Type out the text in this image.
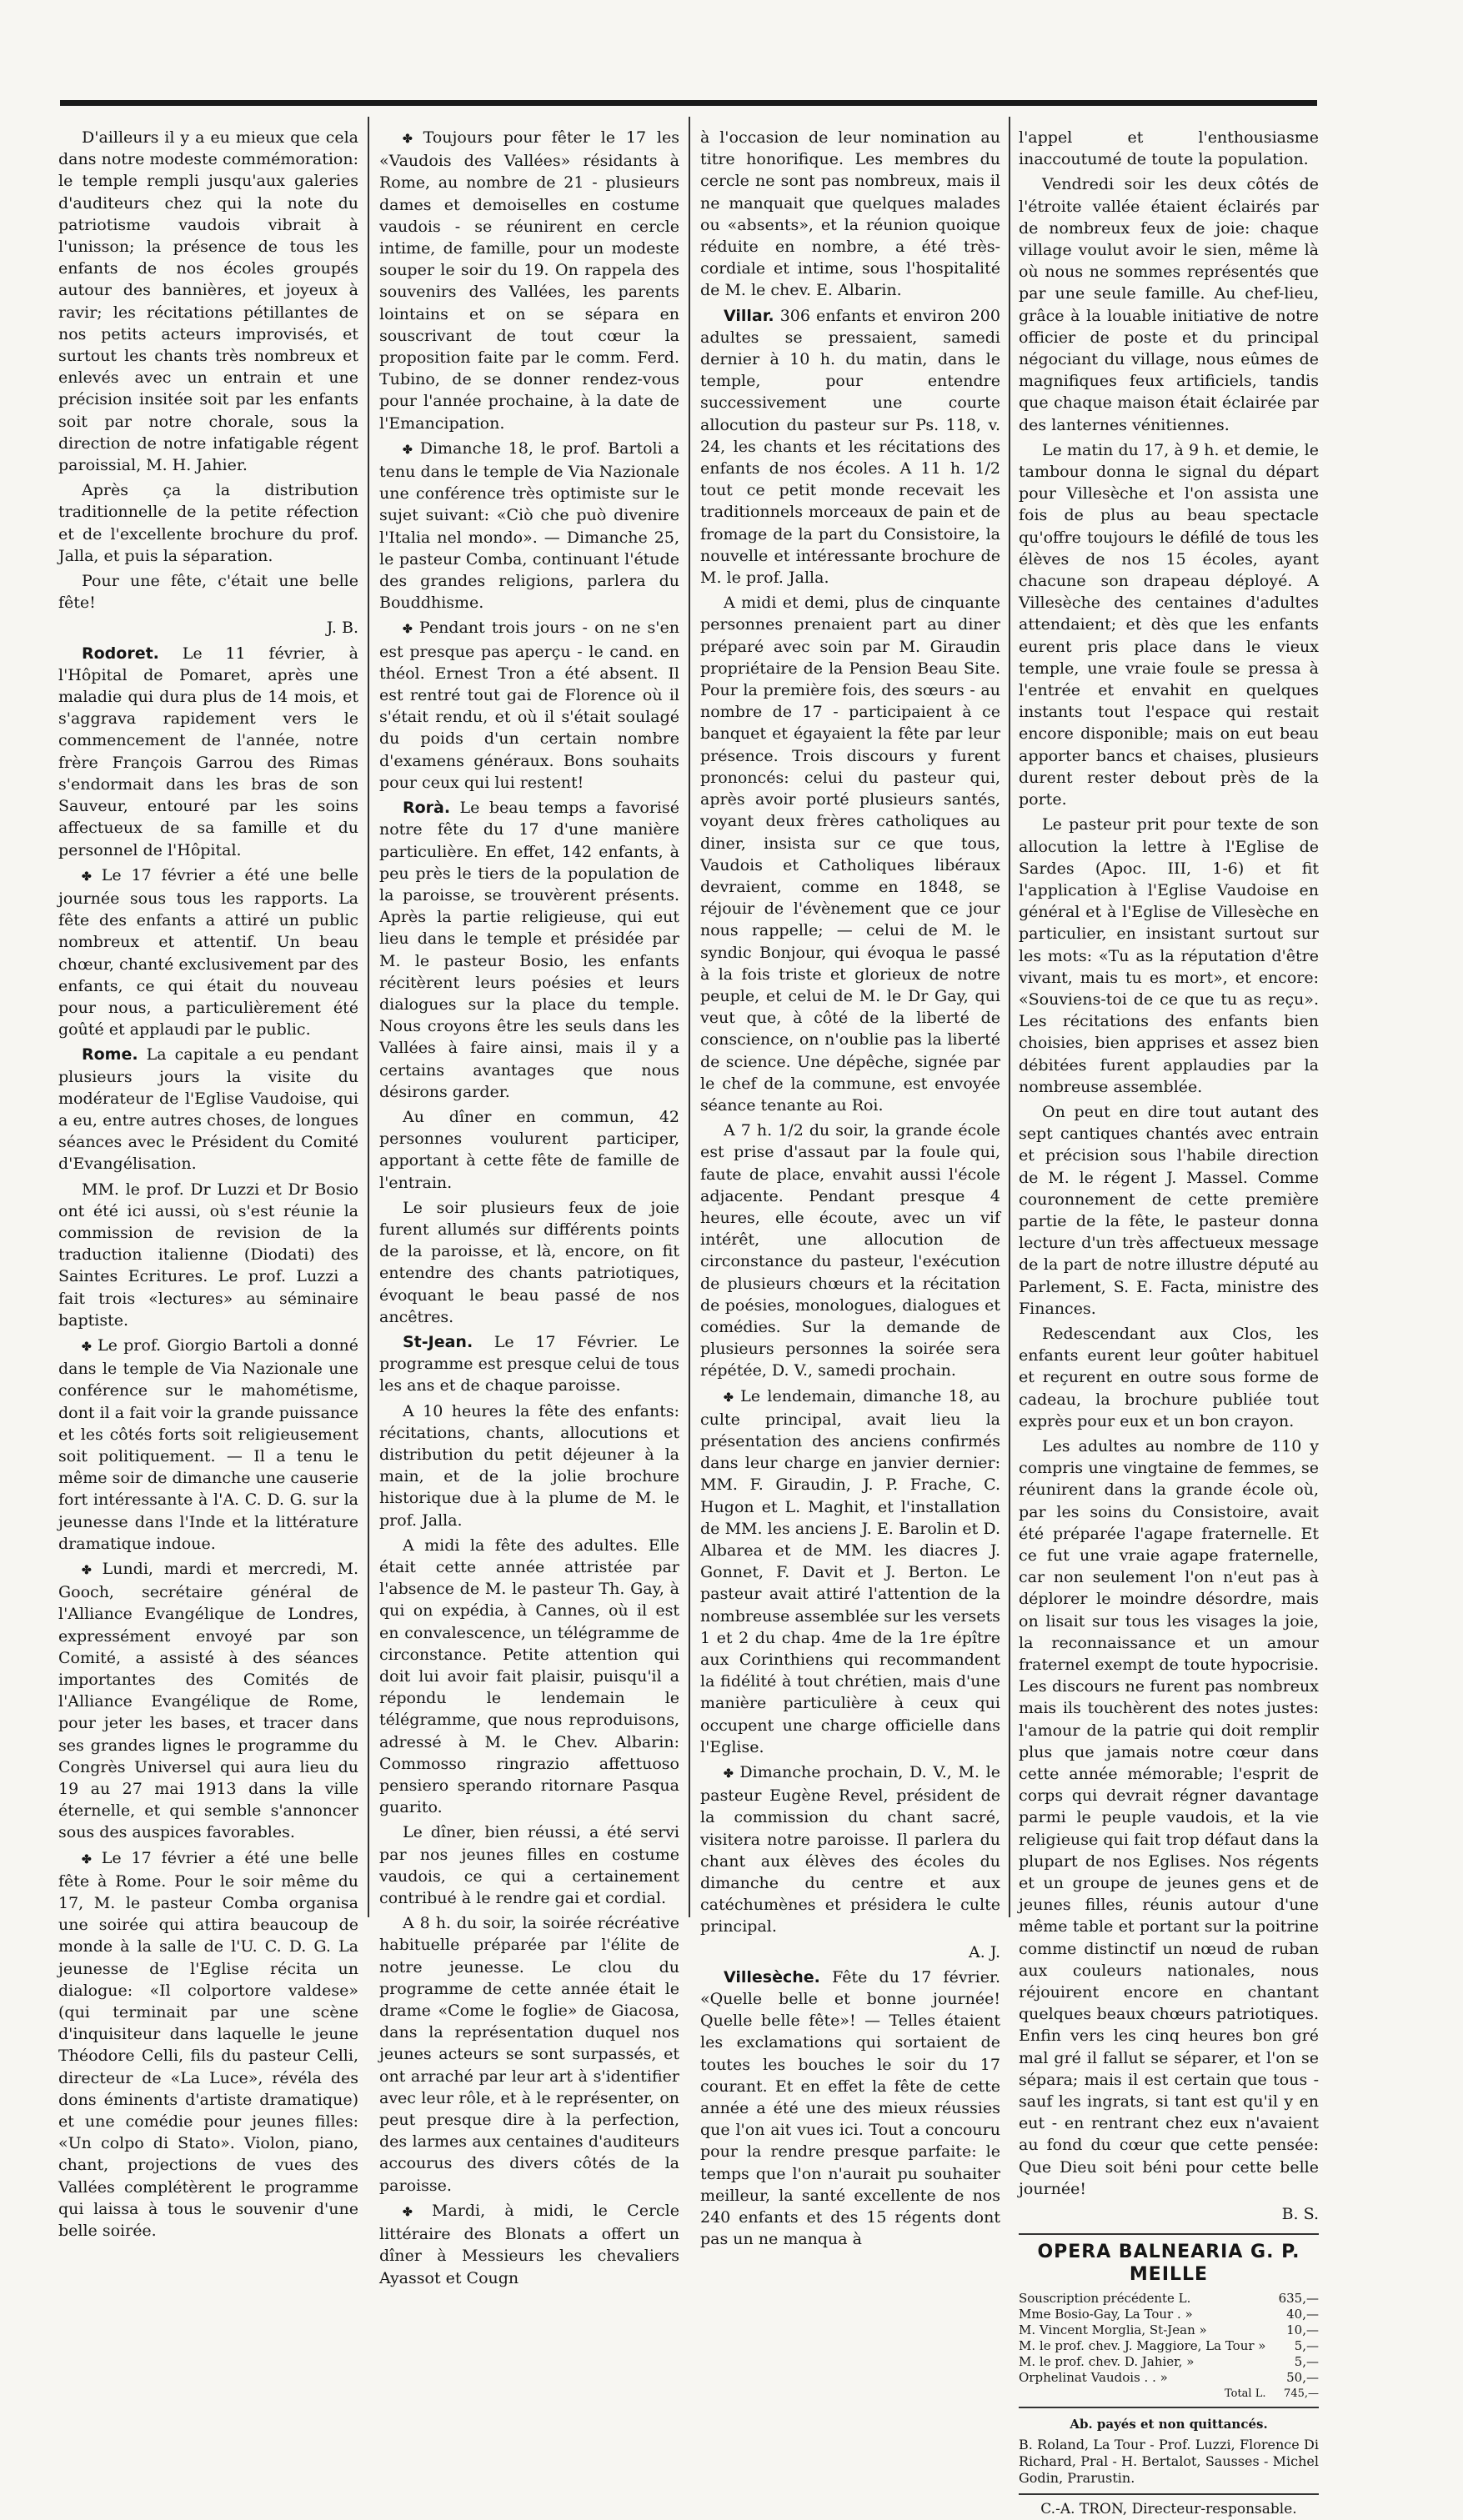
D'ailleurs il y a eu mieux que cela dans notre modeste commémoration: le temple rempli jusqu'aux galeries d'auditeurs chez qui la note du patriotisme vaudois vibrait à l'unisson; la présence de tous les enfants de nos écoles groupés autour des bannières, et joyeux à ravir; les récitations pétillantes de nos petits acteurs improvisés, et surtout les chants très nombreux et enlevés avec un entrain et une précision insitée soit par les enfants soit par notre chorale, sous la direction de notre infatigable régent paroissial, M. H. Jahier.

Après ça la distribution traditionnelle de la petite réfection et de l'excellente brochure du prof. Jalla, et puis la séparation.

Pour une fête, c'était une belle fête!

J. B.

Rodoret. Le 11 février, à l'Hôpital de Pomaret, après une maladie qui dura plus de 14 mois, et s'aggrava rapidement vers le commencement de l'année, notre frère François Garrou des Rimas s'endormait dans les bras de son Sauveur, entouré par les soins affectueux de sa famille et du personnel de l'Hôpital.

✤ Le 17 février a été une belle journée sous tous les rapports. La fête des enfants a attiré un public nombreux et attentif. Un beau chœur, chanté exclusivement par des enfants, ce qui était du nouveau pour nous, a particulièrement été goûté et applaudi par le public.

Rome. La capitale a eu pendant plusieurs jours la visite du modérateur de l'Eglise Vaudoise, qui a eu, entre autres choses, de longues séances avec le Président du Comité d'Evangélisation.

MM. le prof. Dr Luzzi et Dr Bosio ont été ici aussi, où s'est réunie la commission de revision de la traduction italienne (Diodati) des Saintes Ecritures. Le prof. Luzzi a fait trois «lectures» au séminaire baptiste.

✤ Le prof. Giorgio Bartoli a donné dans le temple de Via Nazionale une conférence sur le mahométisme, dont il a fait voir la grande puissance et les côtés forts soit religieusement soit politiquement. — Il a tenu le même soir de dimanche une causerie fort intéressante à l'A. C. D. G. sur la jeunesse dans l'Inde et la littérature dramatique indoue.

✤ Lundi, mardi et mercredi, M. Gooch, secrétaire général de l'Alliance Evangélique de Londres, expressément envoyé par son Comité, a assisté à des séances importantes des Comités de l'Alliance Evangélique de Rome, pour jeter les bases, et tracer dans ses grandes lignes le programme du Congrès Universel qui aura lieu du 19 au 27 mai 1913 dans la ville éternelle, et qui semble s'annoncer sous des auspices favorables.

✤ Le 17 février a été une belle fête à Rome. Pour le soir même du 17, M. le pasteur Comba organisa une soirée qui attira beaucoup de monde à la salle de l'U. C. D. G. La jeunesse de l'Eglise récita un dialogue: «Il colportore valdese» (qui terminait par une scène d'inquisiteur dans laquelle le jeune Théodore Celli, fils du pasteur Celli, directeur de «La Luce», révéla des dons éminents d'artiste dramatique) et une comédie pour jeunes filles: «Un colpo di Stato». Violon, piano, chant, projections de vues des Vallées complétèrent le programme qui laissa à tous le souvenir d'une belle soirée.

✤ Toujours pour fêter le 17 les «Vaudois des Vallées» résidants à Rome, au nombre de 21 - plusieurs dames et demoiselles en costume vaudois - se réunirent en cercle intime, de famille, pour un modeste souper le soir du 19. On rappela des souvenirs des Vallées, les parents lointains et on se sépara en souscrivant de tout cœur la proposition faite par le comm. Ferd. Tubino, de se donner rendez-vous pour l'année prochaine, à la date de l'Emancipation.

✤ Dimanche 18, le prof. Bartoli a tenu dans le temple de Via Nazionale une conférence très optimiste sur le sujet suivant: «Ciò che può divenire l'Italia nel mondo». — Dimanche 25, le pasteur Comba, continuant l'étude des grandes religions, parlera du Bouddhisme.

✤ Pendant trois jours - on ne s'en est presque pas aperçu - le cand. en théol. Ernest Tron a été absent. Il est rentré tout gai de Florence où il s'était rendu, et où il s'était soulagé du poids d'un certain nombre d'examens généraux. Bons souhaits pour ceux qui lui restent!

Rorà. Le beau temps a favorisé notre fête du 17 d'une manière particulière. En effet, 142 enfants, à peu près le tiers de la population de la paroisse, se trouvèrent présents. Après la partie religieuse, qui eut lieu dans le temple et présidée par M. le pasteur Bosio, les enfants récitèrent leurs poésies et leurs dialogues sur la place du temple. Nous croyons être les seuls dans les Vallées à faire ainsi, mais il y a certains avantages que nous désirons garder.

Au dîner en commun, 42 personnes voulurent participer, apportant à cette fête de famille de l'entrain.

Le soir plusieurs feux de joie furent allumés sur différents points de la paroisse, et là, encore, on fit entendre des chants patriotiques, évoquant le beau passé de nos ancêtres.

St-Jean. Le 17 Février. Le programme est presque celui de tous les ans et de chaque paroisse.

A 10 heures la fête des enfants: récitations, chants, allocutions et distribution du petit déjeuner à la main, et de la jolie brochure historique due à la plume de M. le prof. Jalla.

A midi la fête des adultes. Elle était cette année attristée par l'absence de M. le pasteur Th. Gay, à qui on expédia, à Cannes, où il est en convalescence, un télégramme de circonstance. Petite attention qui doit lui avoir fait plaisir, puisqu'il a répondu le lendemain le télégramme, que nous reproduisons, adressé à M. le Chev. Albarin: Commosso ringrazio affettuoso pensiero sperando ritornare Pasqua guarito.

Le dîner, bien réussi, a été servi par nos jeunes filles en costume vaudois, ce qui a certainement contribué à le rendre gai et cordial.

A 8 h. du soir, la soirée récréative habituelle préparée par l'élite de notre jeunesse. Le clou du programme de cette année était le drame «Come le foglie» de Giacosa, dans la représentation duquel nos jeunes acteurs se sont surpassés, et ont arraché par leur art à s'identifier avec leur rôle, et à le représenter, on peut presque dire à la perfection, des larmes aux centaines d'auditeurs accourus des divers côtés de la paroisse.

✤ Mardi, à midi, le Cercle littéraire des Blonats a offert un dîner à Messieurs les chevaliers Ayassot et Cougn

à l'occasion de leur nomination au titre honorifique. Les membres du cercle ne sont pas nombreux, mais il ne manquait que quelques malades ou «absents», et la réunion quoique réduite en nombre, a été très-cordiale et intime, sous l'hospitalité de M. le chev. E. Albarin.

Villar. 306 enfants et environ 200 adultes se pressaient, samedi dernier à 10 h. du matin, dans le temple, pour entendre successivement une courte allocution du pasteur sur Ps. 118, v. 24, les chants et les récitations des enfants de nos écoles. A 11 h. 1/2 tout ce petit monde recevait les traditionnels morceaux de pain et de fromage de la part du Consistoire, la nouvelle et intéressante brochure de M. le prof. Jalla.

A midi et demi, plus de cinquante personnes prenaient part au diner préparé avec soin par M. Giraudin propriétaire de la Pension Beau Site. Pour la première fois, des sœurs - au nombre de 17 - participaient à ce banquet et égayaient la fête par leur présence. Trois discours y furent prononcés: celui du pasteur qui, après avoir porté plusieurs santés, voyant deux frères catholiques au diner, insista sur ce que tous, Vaudois et Catholiques libéraux devraient, comme en 1848, se réjouir de l'évènement que ce jour nous rappelle; — celui de M. le syndic Bonjour, qui évoqua le passé à la fois triste et glorieux de notre peuple, et celui de M. le Dr Gay, qui veut que, à côté de la liberté de conscience, on n'oublie pas la liberté de science. Une dépêche, signée par le chef de la commune, est envoyée séance tenante au Roi.

A 7 h. 1/2 du soir, la grande école est prise d'assaut par la foule qui, faute de place, envahit aussi l'école adjacente. Pendant presque 4 heures, elle écoute, avec un vif intérêt, une allocution de circonstance du pasteur, l'exécution de plusieurs chœurs et la récitation de poésies, monologues, dialogues et comédies. Sur la demande de plusieurs personnes la soirée sera répétée, D. V., samedi prochain.

✤ Le lendemain, dimanche 18, au culte principal, avait lieu la présentation des anciens confirmés dans leur charge en janvier dernier: MM. F. Giraudin, J. P. Frache, C. Hugon et L. Maghit, et l'installation de MM. les anciens J. E. Barolin et D. Albarea et de MM. les diacres J. Gonnet, F. Davit et J. Berton. Le pasteur avait attiré l'attention de la nombreuse assemblée sur les versets 1 et 2 du chap. 4me de la 1re épître aux Corinthiens qui recommandent la fidélité à tout chrétien, mais d'une manière particulière à ceux qui occupent une charge officielle dans l'Eglise.

✤ Dimanche prochain, D. V., M. le pasteur Eugène Revel, président de la commission du chant sacré, visitera notre paroisse. Il parlera du chant aux élèves des écoles du dimanche du centre et aux catéchumènes et présidera le culte principal.

A. J.

Villesèche. Fête du 17 février. «Quelle belle et bonne journée! Quelle belle fête»! — Telles étaient les exclamations qui sortaient de toutes les bouches le soir du 17 courant. Et en effet la fête de cette année a été une des mieux réussies que l'on ait vues ici. Tout a concouru pour la rendre presque parfaite: le temps que l'on n'aurait pu souhaiter meilleur, la santé excellente de nos 240 enfants et des 15 régents dont pas un ne manqua à

l'appel et l'enthousiasme inaccoutumé de toute la population.

Vendredi soir les deux côtés de l'étroite vallée étaient éclairés par de nombreux feux de joie: chaque village voulut avoir le sien, même là où nous ne sommes représentés que par une seule famille. Au chef-lieu, grâce à la louable initiative de notre officier de poste et du principal négociant du village, nous eûmes de magnifiques feux artificiels, tandis que chaque maison était éclairée par des lanternes vénitiennes.

Le matin du 17, à 9 h. et demie, le tambour donna le signal du départ pour Villesèche et l'on assista une fois de plus au beau spectacle qu'offre toujours le défilé de tous les élèves de nos 15 écoles, ayant chacune son drapeau déployé. A Villesèche des centaines d'adultes attendaient; et dès que les enfants eurent pris place dans le vieux temple, une vraie foule se pressa à l'entrée et envahit en quelques instants tout l'espace qui restait encore disponible; mais on eut beau apporter bancs et chaises, plusieurs durent rester debout près de la porte.

Le pasteur prit pour texte de son allocution la lettre à l'Eglise de Sardes (Apoc. III, 1-6) et fit l'application à l'Eglise Vaudoise en général et à l'Eglise de Villesèche en particulier, en insistant surtout sur les mots: «Tu as la réputation d'être vivant, mais tu es mort», et encore: «Souviens-toi de ce que tu as reçu». Les récitations des enfants bien choisies, bien apprises et assez bien débitées furent applaudies par la nombreuse assemblée.

On peut en dire tout autant des sept cantiques chantés avec entrain et précision sous l'habile direction de M. le régent J. Massel. Comme couronnement de cette première partie de la fête, le pasteur donna lecture d'un très affectueux message de la part de notre illustre député au Parlement, S. E. Facta, ministre des Finances.

Redescendant aux Clos, les enfants eurent leur goûter habituel et reçurent en outre sous forme de cadeau, la brochure publiée tout exprès pour eux et un bon crayon.

Les adultes au nombre de 110 y compris une vingtaine de femmes, se réunirent dans la grande école où, par les soins du Consistoire, avait été préparée l'agape fraternelle. Et ce fut une vraie agape fraternelle, car non seulement l'on n'eut pas à déplorer le moindre désordre, mais on lisait sur tous les visages la joie, la reconnaissance et un amour fraternel exempt de toute hypocrisie. Les discours ne furent pas nombreux mais ils touchèrent des notes justes: l'amour de la patrie qui doit remplir plus que jamais notre cœur dans cette année mémorable; l'esprit de corps qui devrait régner davantage parmi le peuple vaudois, et la vie religieuse qui fait trop défaut dans la plupart de nos Eglises. Nos régents et un groupe de jeunes gens et de jeunes filles, réunis autour d'une même table et portant sur la poitrine comme distinctif un nœud de ruban aux couleurs nationales, nous réjouirent encore en chantant quelques beaux chœurs patriotiques. Enfin vers les cinq heures bon gré mal gré il fallut se séparer, et l'on se sépara; mais il est certain que tous - sauf les ingrats, si tant est qu'il y en eut - en rentrant chez eux n'avaient au fond du cœur que cette pensée: Que Dieu soit béni pour cette belle journée!

B. S.

OPERA BALNEARIA G. P. MEILLE
Souscription précédente L.	635,—
Mme Bosio-Gay, La Tour . »	40,—
M. Vincent Morglia, St-Jean »	10,—
M. le prof. chev. J. Maggiore, La Tour »	5,—
M. le prof. chev. D. Jahier, »	5,—
Orphelinat Vaudois . . »	50,—
Total L.	745,—
Ab. payés et non quittancés.
B. Roland, La Tour - Prof. Luzzi, Florence Di Richard, Pral - H. Bertalot, Sausses - Michel Godin, Prarustin.
C.-A. TRON, Directeur-responsable.
